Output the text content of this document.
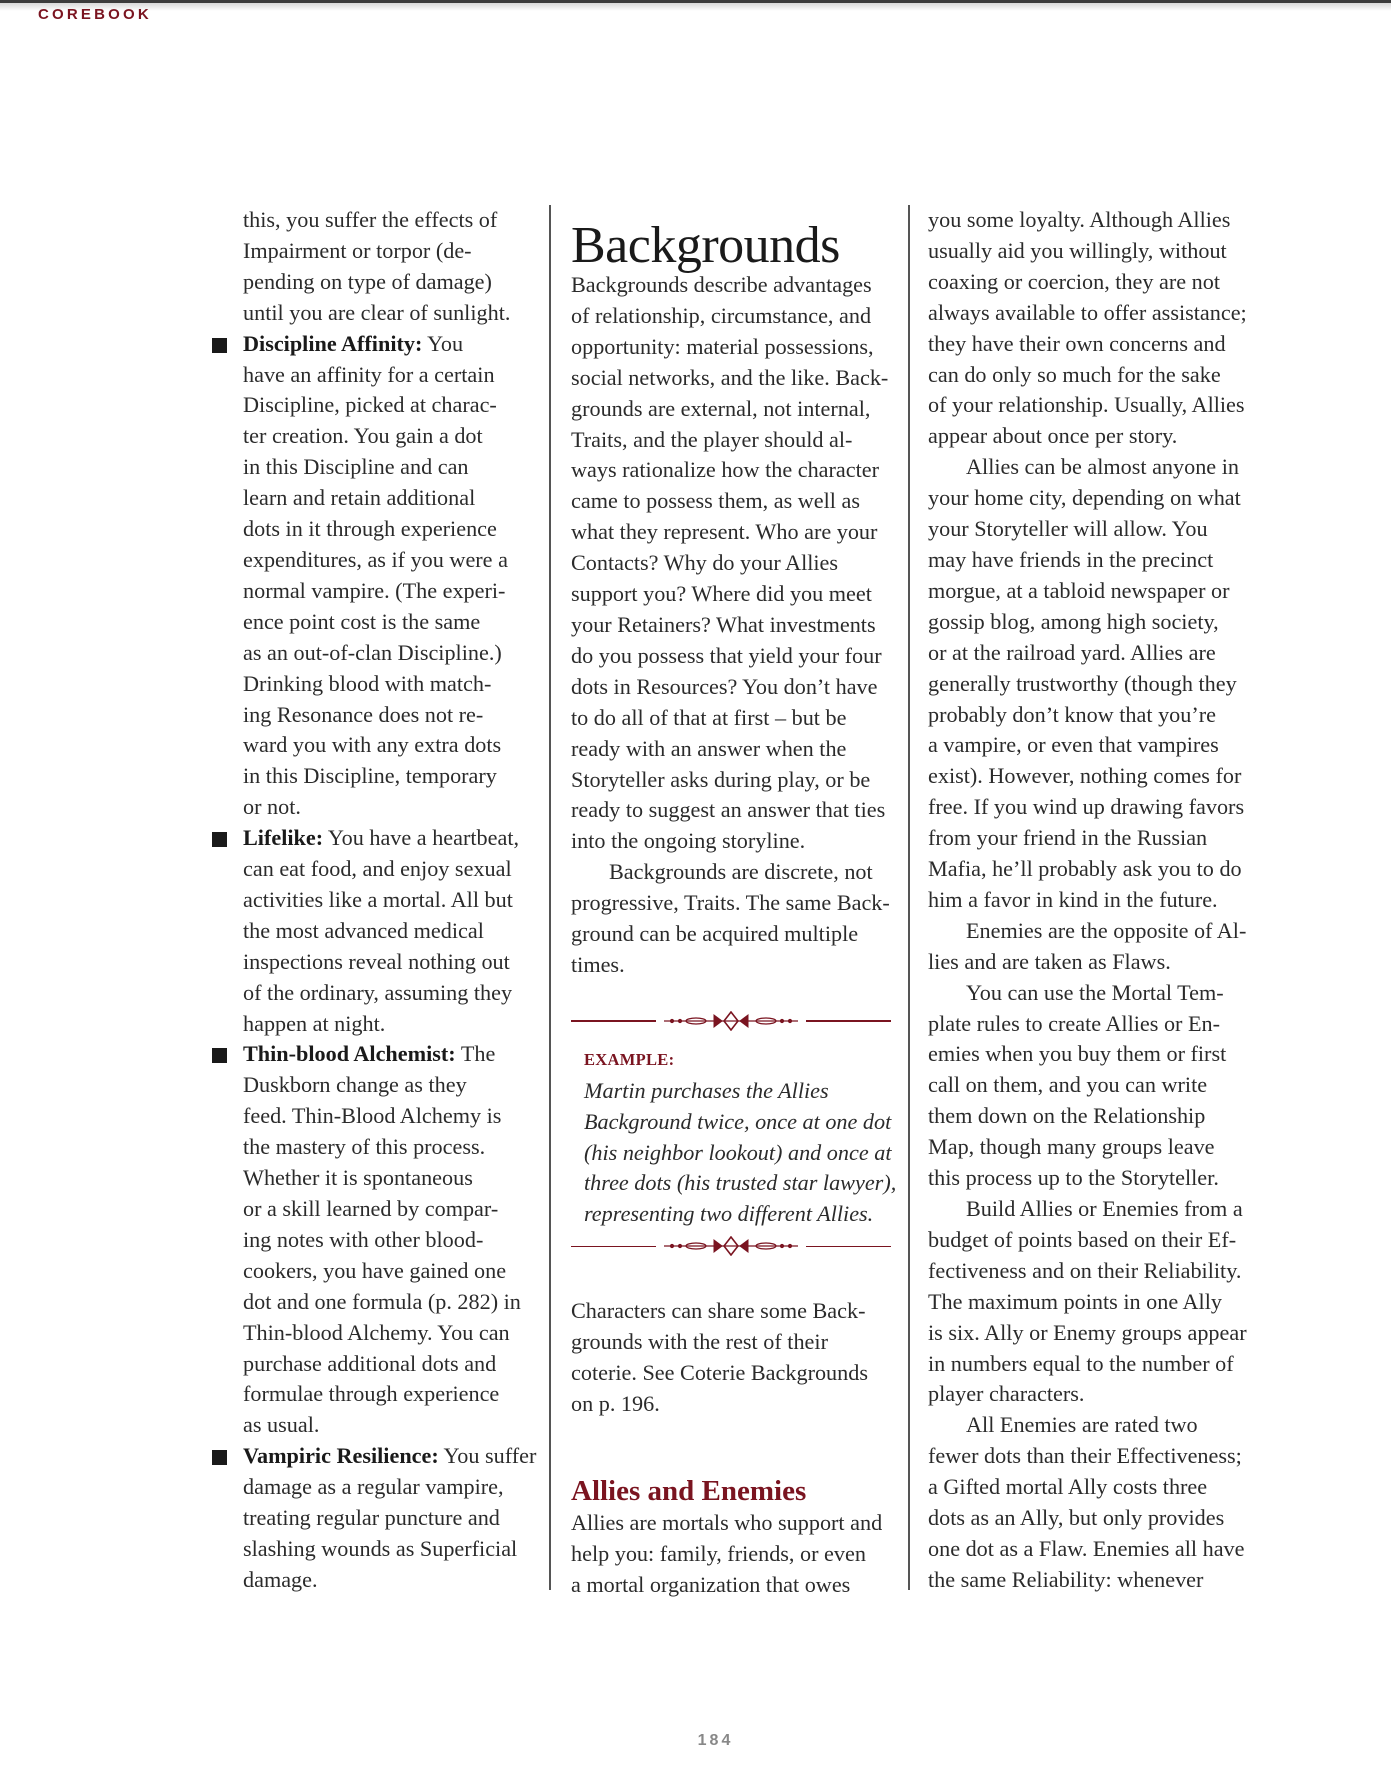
COREBOOK
this, you suffer the effects of
Impairment or torpor (de-
pending on type of damage)
until you are clear of sunlight.
Discipline Affinity: You
have an affinity for a certain
Discipline, picked at charac-
ter creation. You gain a dot
in this Discipline and can
learn and retain additional
dots in it through experience
expenditures, as if you were a
normal vampire. (The experi-
ence point cost is the same
as an out-of-clan Discipline.)
Drinking blood with match-
ing Resonance does not re-
ward you with any extra dots
in this Discipline, temporary
or not.
Lifelike: You have a heartbeat,
can eat food, and enjoy sexual
activities like a mortal. All but
the most advanced medical
inspections reveal nothing out
of the ordinary, assuming they
happen at night.
Thin-blood Alchemist: The
Duskborn change as they
feed. Thin-Blood Alchemy is
the mastery of this process.
Whether it is spontaneous
or a skill learned by compar-
ing notes with other blood-
cookers, you have gained one
dot and one formula (p. 282) in
Thin-blood Alchemy. You can
purchase additional dots and
formulae through experience
as usual.
Vampiric Resilience: You suffer
damage as a regular vampire,
treating regular puncture and
slashing wounds as Superficial
damage.
Backgrounds
Backgrounds describe advantages
of relationship, circumstance, and
opportunity: material possessions,
social networks, and the like. Back-
grounds are external, not internal,
Traits, and the player should al-
ways rationalize how the character
came to possess them, as well as
what they represent. Who are your
Contacts? Why do your Allies
support you? Where did you meet
your Retainers? What investments
do you possess that yield your four
dots in Resources? You don’t have
to do all of that at first – but be
ready with an answer when the
Storyteller asks during play, or be
ready to suggest an answer that ties
into the ongoing storyline.
Backgrounds are discrete, not
progressive, Traits. The same Back-
ground can be acquired multiple
times.
EXAMPLE:
Martin purchases the Allies
Background twice, once at one dot
(his neighbor lookout) and once at
three dots (his trusted star lawyer),
representing two different Allies.
Characters can share some Back-
grounds with the rest of their
coterie. See Coterie Backgrounds
on p. 196.
Allies and Enemies
Allies are mortals who support and
help you: family, friends, or even
a mortal organization that owes
you some loyalty. Although Allies
usually aid you willingly, without
coaxing or coercion, they are not
always available to offer assistance;
they have their own concerns and
can do only so much for the sake
of your relationship. Usually, Allies
appear about once per story.
Allies can be almost anyone in
your home city, depending on what
your Storyteller will allow. You
may have friends in the precinct
morgue, at a tabloid newspaper or
gossip blog, among high society,
or at the railroad yard. Allies are
generally trustworthy (though they
probably don’t know that you’re
a vampire, or even that vampires
exist). However, nothing comes for
free. If you wind up drawing favors
from your friend in the Russian
Mafia, he’ll probably ask you to do
him a favor in kind in the future.
Enemies are the opposite of Al-
lies and are taken as Flaws.
You can use the Mortal Tem-
plate rules to create Allies or En-
emies when you buy them or first
call on them, and you can write
them down on the Relationship
Map, though many groups leave
this process up to the Storyteller.
Build Allies or Enemies from a
budget of points based on their Ef-
fectiveness and on their Reliability.
The maximum points in one Ally
is six. Ally or Enemy groups appear
in numbers equal to the number of
player characters.
All Enemies are rated two
fewer dots than their Effectiveness;
a Gifted mortal Ally costs three
dots as an Ally, but only provides
one dot as a Flaw. Enemies all have
the same Reliability: whenever
184
